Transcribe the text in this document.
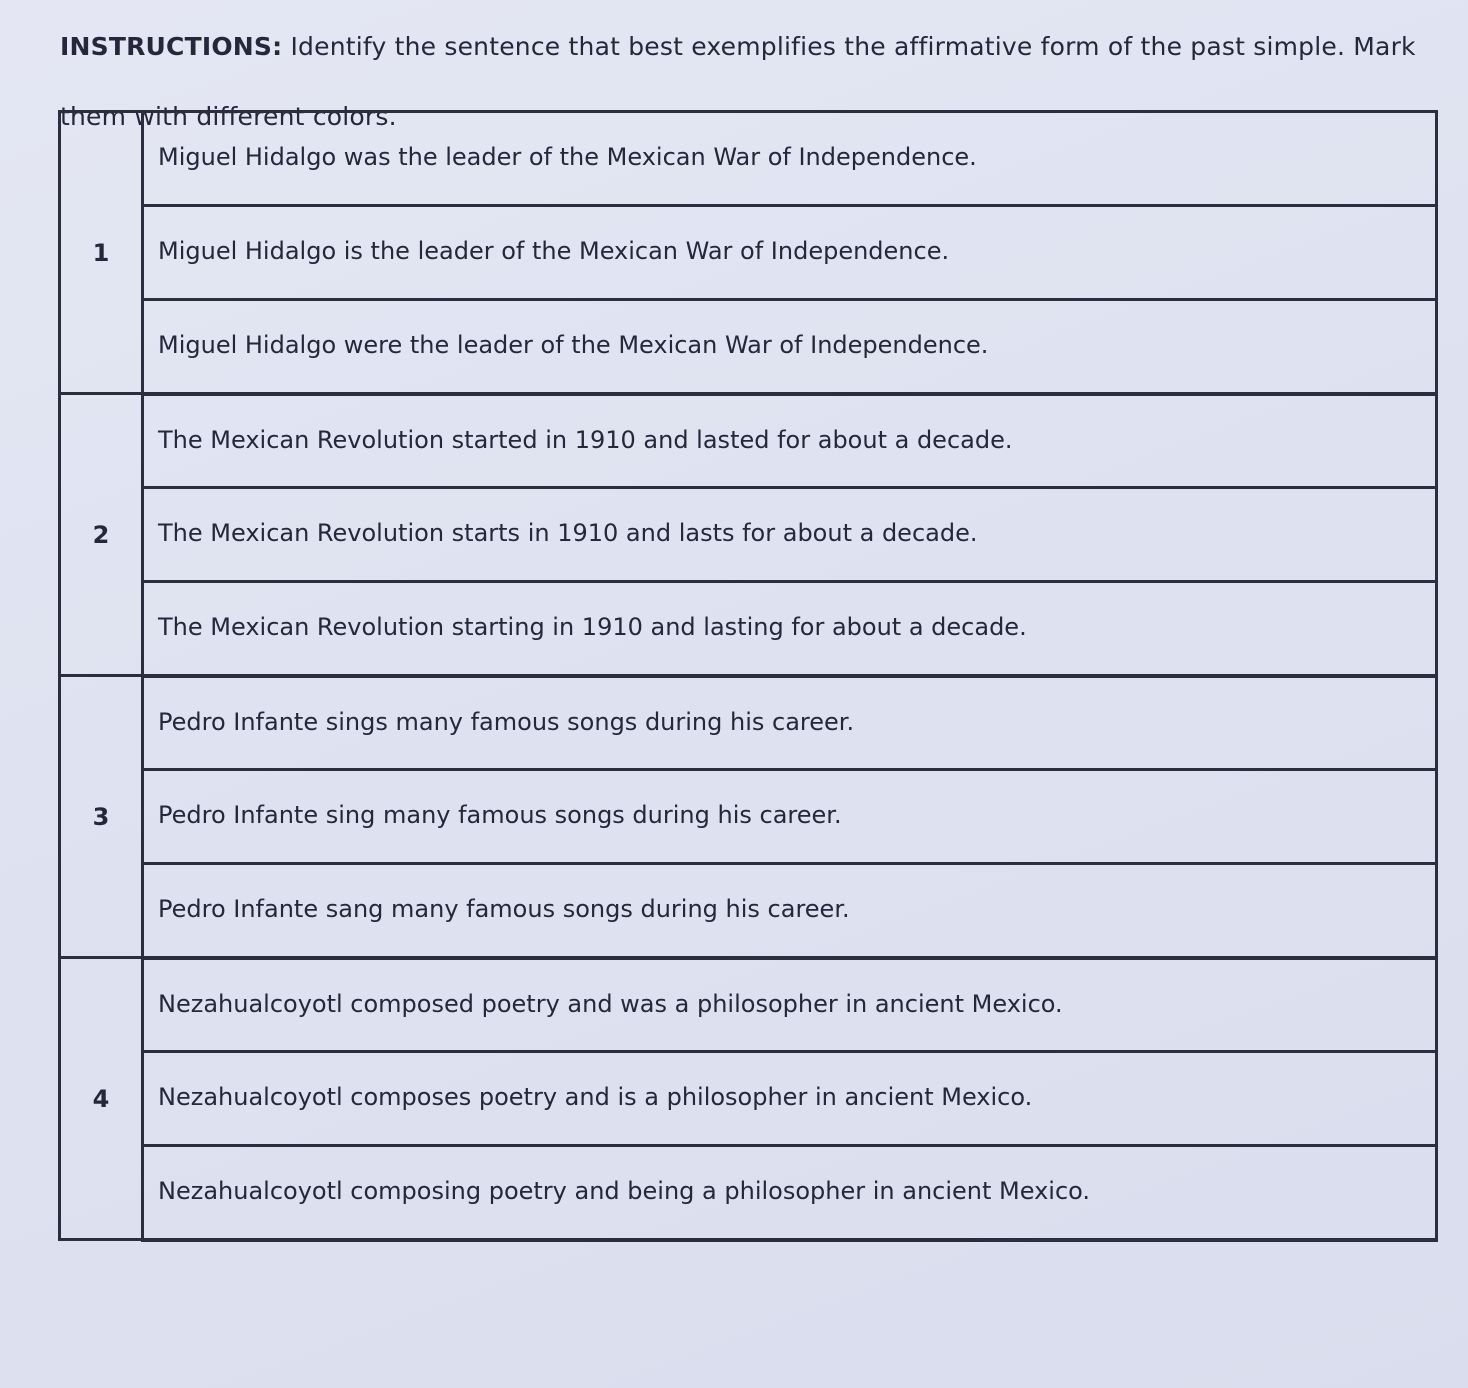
INSTRUCTIONS: Identify the sentence that best exemplifies the affirmative form of the past simple. Mark them with different colors.

1	Miguel Hidalgo was the leader of the Mexican War of Independence.
	Miguel Hidalgo is the leader of the Mexican War of Independence.
	Miguel Hidalgo were the leader of the Mexican War of Independence.
2	The Mexican Revolution started in 1910 and lasted for about a decade.
	The Mexican Revolution starts in 1910 and lasts for about a decade.
	The Mexican Revolution starting in 1910 and lasting for about a decade.
3	Pedro Infante sings many famous songs during his career.
	Pedro Infante sing many famous songs during his career.
	Pedro Infante sang many famous songs during his career.
4	Nezahualcoyotl composed poetry and was a philosopher in ancient Mexico.
	Nezahualcoyotl composes poetry and is a philosopher in ancient Mexico.
	Nezahualcoyotl composing poetry and being a philosopher in ancient Mexico.
